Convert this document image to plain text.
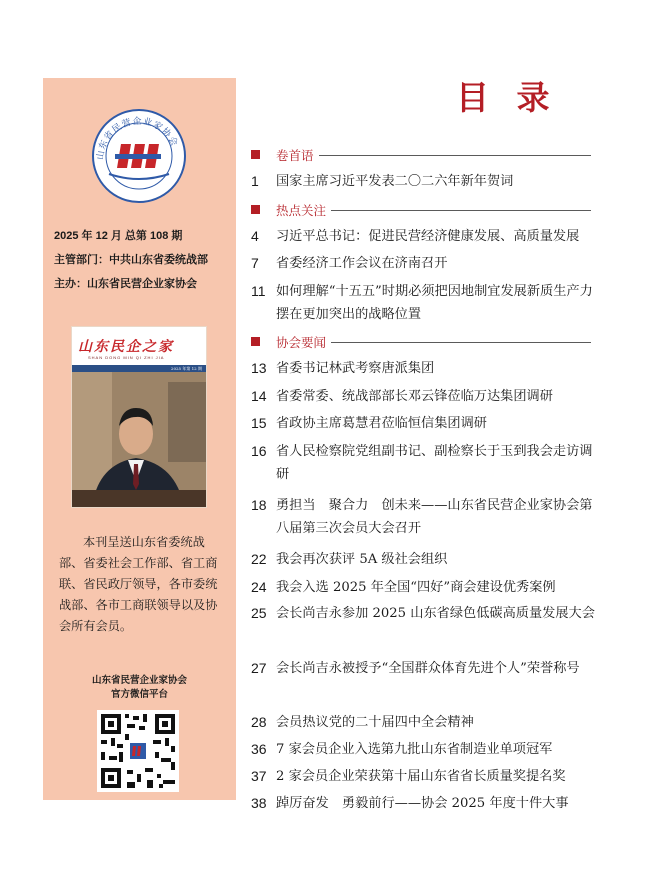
山东省民营企业家协会
2025 年 12 月 总第 108 期
主管部门：中共山东省委统战部
主办：山东省民营企业家协会
山东民企之家
SHAN DONG MIN QI ZHI JIA
2025 年第 12 期
本刊呈送山东省委统战部、省委社会工作部、省工商联、省民政厅领导，各市委统战部、各市工商联领导以及协会所有会员。
山东省民营企业家协会
官方微信平台
目 录
卷首语
热点关注
协会要闻
1 国家主席习近平发表二〇二六年新年贺词
4 习近平总书记：促进民营经济健康发展、高质量发展
7 省委经济工作会议在济南召开
11 如何理解“十五五”时期必须把因地制宜发展新质生产力摆在更加突出的战略位置
13 省委书记林武考察唐派集团
14 省委常委、统战部部长邓云锋莅临万达集团调研
15 省政协主席葛慧君莅临恒信集团调研
16 省人民检察院党组副书记、副检察长于玉到我会走访调研
18 勇担当　聚合力　创未来——山东省民营企业家协会第八届第三次会员大会召开
22 我会再次获评 5A 级社会组织
24 我会入选 2025 年全国“四好”商会建设优秀案例
25 会长尚吉永参加 2025 山东省绿色低碳高质量发展大会
27 会长尚吉永被授予“全国群众体育先进个人”荣誉称号
28 会员热议党的二十届四中全会精神
36 7 家会员企业入选第九批山东省制造业单项冠军
37 2 家会员企业荣获第十届山东省省长质量奖提名奖
38 踔厉奋发　勇毅前行——协会 2025 年度十件大事
